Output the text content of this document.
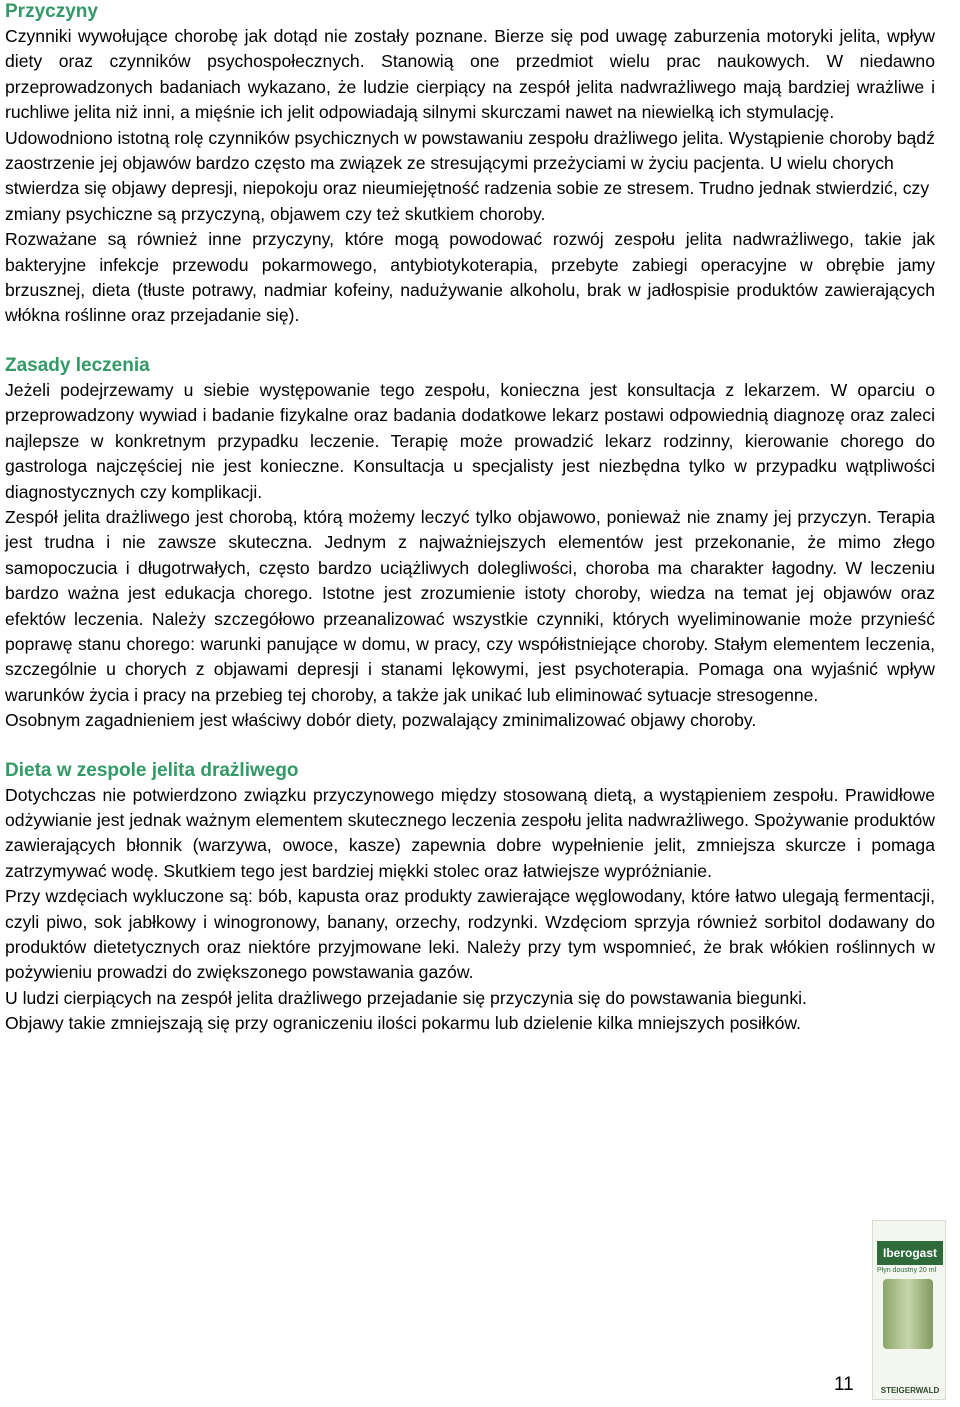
Przyczyny

Czynniki wywołujące chorobę jak dotąd nie zostały poznane. Bierze się pod uwagę zaburzenia motoryki jelita, wpływ diety oraz czynników psychospołecznych. Stanowią one przedmiot wielu prac naukowych. W niedawno przeprowadzonych badaniach wykazano, że ludzie cierpiący na zespół jelita nadwrażliwego mają bardziej wrażliwe i ruchliwe jelita niż inni, a mięśnie ich jelit odpowiadają silnymi skurczami nawet na niewielką ich stymulację.

Udowodniono istotną rolę czynników psychicznych w powstawaniu zespołu drażliwego jelita. Wystąpienie choroby bądź zaostrzenie jej objawów bardzo często ma związek ze stresującymi przeżyciami w życiu pacjenta. U wielu chorych stwierdza się objawy depresji, niepokoju oraz nieumiejętność radzenia sobie ze stresem. Trudno jednak stwierdzić, czy zmiany psychiczne są przyczyną, objawem czy też skutkiem choroby.

Rozważane są również inne przyczyny, które mogą powodować rozwój zespołu jelita nadwrażliwego, takie jak bakteryjne infekcje przewodu pokarmowego, antybiotykoterapia, przebyte zabiegi operacyjne w obrębie jamy brzusznej, dieta (tłuste potrawy, nadmiar kofeiny, nadużywanie alkoholu, brak w jadłospisie produktów zawierających włókna roślinne oraz przejadanie się).

Zasady leczenia

Jeżeli podejrzewamy u siebie występowanie tego zespołu, konieczna jest konsultacja z lekarzem. W oparciu o przeprowadzony wywiad i badanie fizykalne oraz badania dodatkowe lekarz postawi odpowiednią diagnozę oraz zaleci najlepsze w konkretnym przypadku leczenie. Terapię może prowadzić lekarz rodzinny, kierowanie chorego do gastrologa najczęściej nie jest konieczne. Konsultacja u specjalisty jest niezbędna tylko w przypadku wątpliwości diagnostycznych czy komplikacji.

Zespół jelita drażliwego jest chorobą, którą możemy leczyć tylko objawowo, ponieważ nie znamy jej przyczyn. Terapia jest trudna i nie zawsze skuteczna. Jednym z najważniejszych elementów jest przekonanie, że mimo złego samopoczucia i długotrwałych, często bardzo uciążliwych dolegliwości, choroba ma charakter łagodny. W leczeniu bardzo ważna jest edukacja chorego. Istotne jest zrozumienie istoty choroby, wiedza na temat jej objawów oraz efektów leczenia. Należy szczegółowo przeanalizować wszystkie czynniki, których wyeliminowanie może przynieść poprawę stanu chorego: warunki panujące w domu, w pracy, czy współistniejące choroby. Stałym elementem leczenia, szczególnie u chorych z objawami depresji i stanami lękowymi, jest psychoterapia. Pomaga ona wyjaśnić wpływ warunków życia i pracy na przebieg tej choroby, a także jak unikać lub eliminować sytuacje stresogenne.

Osobnym zagadnieniem jest właściwy dobór diety, pozwalający zminimalizować objawy choroby.

Dieta w zespole jelita drażliwego

Dotychczas nie potwierdzono związku przyczynowego między stosowaną dietą, a wystąpieniem zespołu. Prawidłowe odżywianie jest jednak ważnym elementem skutecznego leczenia zespołu jelita nadwrażliwego. Spożywanie produktów zawierających błonnik (warzywa, owoce, kasze) zapewnia dobre wypełnienie jelit, zmniejsza skurcze i pomaga zatrzymywać wodę. Skutkiem tego jest bardziej miękki stolec oraz łatwiejsze wypróżnianie.

Przy wzdęciach wykluczone są: bób, kapusta oraz produkty zawierające węglowodany, które łatwo ulegają fermentacji, czyli piwo, sok jabłkowy i winogronowy, banany, orzechy, rodzynki. Wzdęciom sprzyja również sorbitol dodawany do produktów dietetycznych oraz niektóre przyjmowane leki. Należy przy tym wspomnieć, że brak włókien roślinnych w pożywieniu prowadzi do zwiększonego powstawania gazów.

U ludzi cierpiących na zespół jelita drażliwego przejadanie się przyczynia się do powstawania biegunki. Objawy takie zmniejszają się przy ograniczeniu ilości pokarmu lub dzielenie kilka mniejszych posiłków.

Iberogast
Płyn doustny 20 ml
STEIGERWALD
11
